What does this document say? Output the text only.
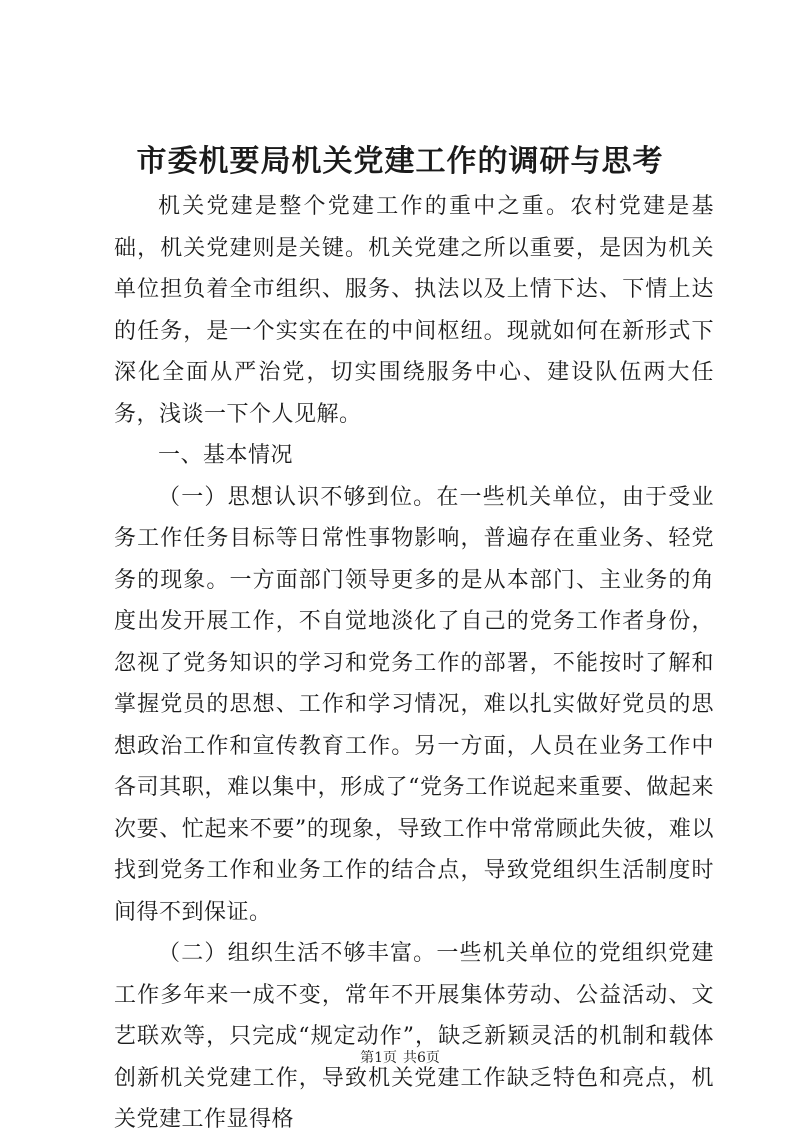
市委机要局机关党建工作的调研与思考

机关党建是整个党建工作的重中之重。农村党建是基础，机关党建则是关键。机关党建之所以重要，是因为机关单位担负着全市组织、服务、执法以及上情下达、下情上达的任务，是一个实实在在的中间枢纽。现就如何在新形式下深化全面从严治党，切实围绕服务中心、建设队伍两大任务，浅谈一下个人见解。

一、基本情况

（一）思想认识不够到位。在一些机关单位，由于受业务工作任务目标等日常性事物影响，普遍存在重业务、轻党务的现象。一方面部门领导更多的是从本部门、主业务的角度出发开展工作，不自觉地淡化了自己的党务工作者身份，忽视了党务知识的学习和党务工作的部署，不能按时了解和掌握党员的思想、工作和学习情况，难以扎实做好党员的思想政治工作和宣传教育工作。另一方面，人员在业务工作中各司其职，难以集中，形成了“党务工作说起来重要、做起来次要、忙起来不要”的现象，导致工作中常常顾此失彼，难以找到党务工作和业务工作的结合点，导致党组织生活制度时间得不到保证。

（二）组织生活不够丰富。一些机关单位的党组织党建工作多年来一成不变，常年不开展集体劳动、公益活动、文艺联欢等，只完成“规定动作”，缺乏新颖灵活的机制和载体创新机关党建工作，导致机关党建工作缺乏特色和亮点，机关党建工作显得格

第1页 共6页
